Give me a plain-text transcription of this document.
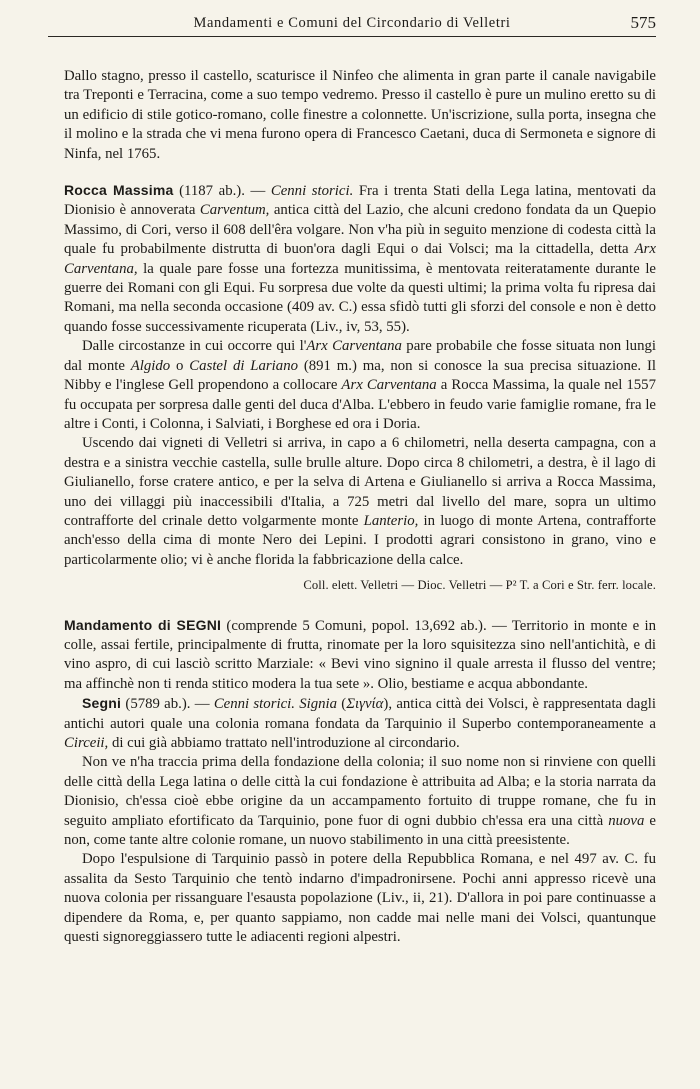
Mandamenti e Comuni del Circondario di Velletri	575

Dallo stagno, presso il castello, scaturisce il Ninfeo che alimenta in gran parte il canale navigabile tra Treponti e Terracina, come a suo tempo vedremo. Presso il castello è pure un mulino eretto su di un edificio di stile gotico-romano, colle finestre a colonnette. Un'iscrizione, sulla porta, insegna che il molino e la strada che vi mena furono opera di Francesco Caetani, duca di Sermoneta e signore di Ninfa, nel 1765.

Rocca Massima (1187 ab.). — Cenni storici. Fra i trenta Stati della Lega latina, mentovati da Dionisio è annoverata Carventum, antica città del Lazio, che alcuni credono fondata da un Quepio Massimo, di Cori, verso il 608 dell'êra volgare. Non v'ha più in seguito menzione di codesta città la quale fu probabilmente distrutta di buon'ora dagli Equi o dai Volsci; ma la cittadella, detta Arx Carventana, la quale pare fosse una fortezza munitissima, è mentovata reiteratamente durante le guerre dei Romani con gli Equi. Fu sorpresa due volte da questi ultimi; la prima volta fu ripresa dai Romani, ma nella seconda occasione (409 av. C.) essa sfidò tutti gli sforzi del console e non è detto quando fosse successivamente ricuperata (Liv., iv, 53, 55).

Dalle circostanze in cui occorre qui l'Arx Carventana pare probabile che fosse situata non lungi dal monte Algido o Castel di Lariano (891 m.) ma, non si conosce la sua precisa situazione. Il Nibby e l'inglese Gell propendono a collocare Arx Carventana a Rocca Massima, la quale nel 1557 fu occupata per sorpresa dalle genti del duca d'Alba. L'ebbero in feudo varie famiglie romane, fra le altre i Conti, i Colonna, i Salviati, i Borghese ed ora i Doria.

Uscendo dai vigneti di Velletri si arriva, in capo a 6 chilometri, nella deserta campagna, con a destra e a sinistra vecchie castella, sulle brulle alture. Dopo circa 8 chilometri, a destra, è il lago di Giulianello, forse cratere antico, e per la selva di Artena e Giulianello si arriva a Rocca Massima, uno dei villaggi più inaccessibili d'Italia, a 725 metri dal livello del mare, sopra un ultimo contrafforte del crinale detto volgarmente monte Lanterio, in luogo di monte Artena, contrafforte anch'esso della cima di monte Nero dei Lepini. I prodotti agrari consistono in grano, vino e particolarmente olio; vi è anche florida la fabbricazione della calce.

Coll. elett. Velletri — Dioc. Velletri — P² T. a Cori e Str. ferr. locale.

Mandamento di SEGNI (comprende 5 Comuni, popol. 13,692 ab.). — Territorio in monte e in colle, assai fertile, principalmente di frutta, rinomate per la loro squisitezza sino nell'antichità, e di vino aspro, di cui lasciò scritto Marziale: « Bevi vino signino il quale arresta il flusso del ventre; ma affinchè non ti renda stitico modera la tua sete ». Olio, bestiame e acqua abbondante.

Segni (5789 ab.). — Cenni storici. Signia (Σιγνία), antica città dei Volsci, è rappresentata dagli antichi autori quale una colonia romana fondata da Tarquinio il Superbo contemporaneamente a Circeii, di cui già abbiamo trattato nell'introduzione al circondario.

Non ve n'ha traccia prima della fondazione della colonia; il suo nome non si rinviene con quelli delle città della Lega latina o delle città la cui fondazione è attribuita ad Alba; e la storia narrata da Dionisio, ch'essa cioè ebbe origine da un accampamento fortuito di truppe romane, che fu in seguito ampliato efortificato da Tarquinio, pone fuor di ogni dubbio ch'essa era una città nuova e non, come tante altre colonie romane, un nuovo stabilimento in una città preesistente.

Dopo l'espulsione di Tarquinio passò in potere della Repubblica Romana, e nel 497 av. C. fu assalita da Sesto Tarquinio che tentò indarno d'impadronirsene. Pochi anni appresso ricevè una nuova colonia per rissanguare l'esausta popolazione (Liv., ii, 21). D'allora in poi pare continuasse a dipendere da Roma, e, per quanto sappiamo, non cadde mai nelle mani dei Volsci, quantunque questi signoreggiassero tutte le adiacenti regioni alpestri.
